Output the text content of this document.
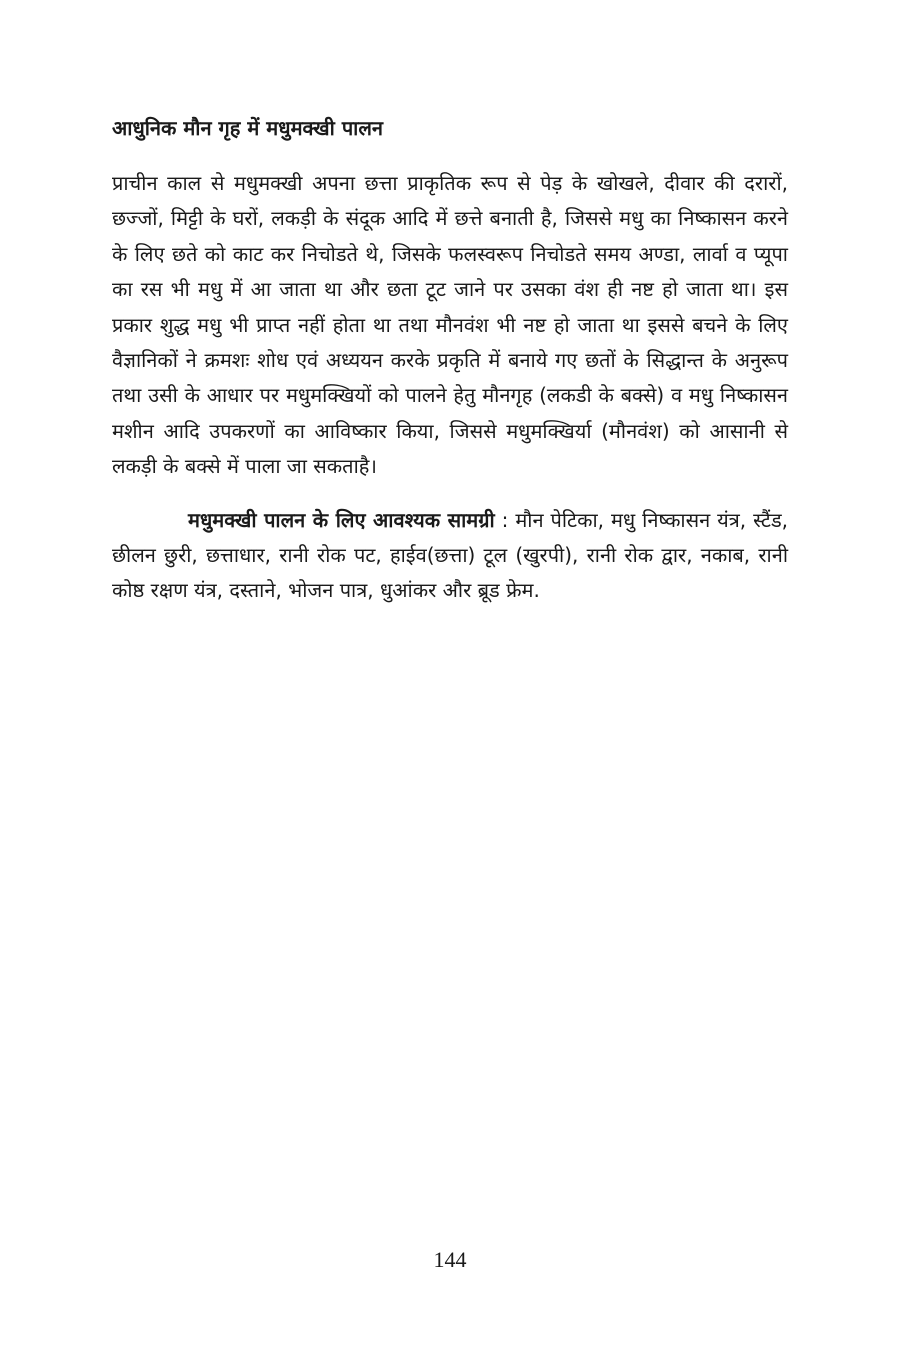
आधुनिक मौन गृह में मधुमक्खी पालन

प्राचीन काल से मधुमक्खी अपना छत्ता प्राकृतिक रूप से पेड़ के खोखले, दीवार की दरारों, छज्जों, मिट्टी के घरों, लकड़ी के संदूक आदि में छत्ते बनाती है, जिससे मधु का निष्कासन करने के लिए छते को काट कर निचोडते थे, जिसके फलस्वरूप निचोडते समय अण्डा, लार्वा व प्यूपा का रस भी मधु में आ जाता था और छता टूट जाने पर उसका वंश ही नष्ट हो जाता था। इस प्रकार शुद्ध मधु भी प्राप्त नहीं होता था तथा मौनवंश भी नष्ट हो जाता था इससे बचने के लिए वैज्ञानिकों ने क्रमशः शोध एवं अध्ययन करके प्रकृति में बनाये गए छतों के सिद्धान्त के अनुरूप तथा उसी के आधार पर मधुमक्खियों को पालने हेतु मौनगृह (लकडी के बक्से) व मधु निष्कासन मशीन आदि उपकरणों का आविष्कार किया, जिससे मधुमक्खिर्या (मौनवंश) को आसानी से लकड़ी के बक्से में पाला जा सकताहै।

मधुमक्खी पालन के लिए आवश्यक सामग्री : मौन पेटिका, मधु निष्कासन यंत्र, स्टैंड, छीलन छुरी, छत्ताधार, रानी रोक पट, हाईव(छत्ता) टूल (खुरपी), रानी रोक द्वार, नकाब, रानी कोष्ठ रक्षण यंत्र, दस्ताने, भोजन पात्र, धुआंकर और ब्रूड फ्रेम.

144
